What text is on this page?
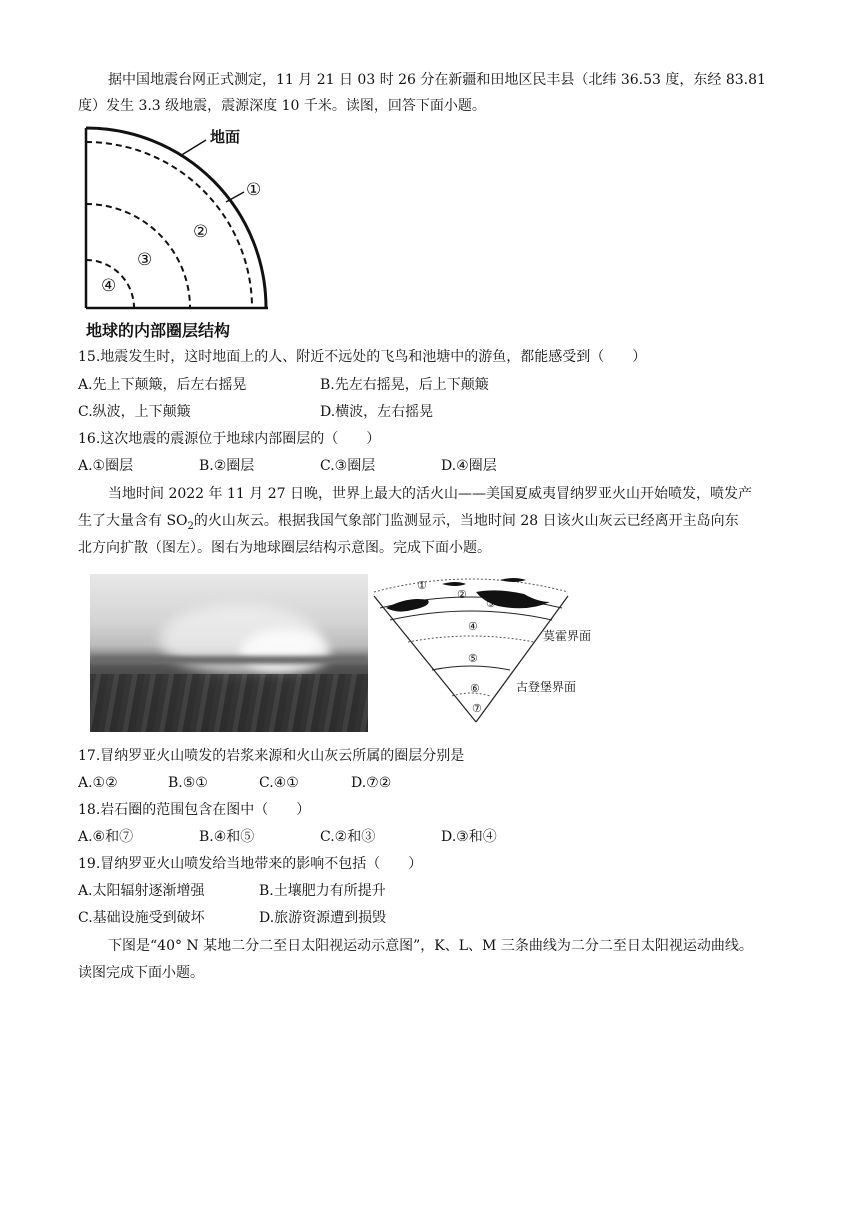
据中国地震台网正式测定，11 月 21 日 03 时 26 分在新疆和田地区民丰县（北纬 36.53 度，东经 83.81
度）发生 3.3 级地震，震源深度 10 千米。读图，回答下面小题。
地面
①
②
③
④
地球的内部圈层结构
15.地震发生时，这时地面上的人、附近不远处的飞鸟和池塘中的游鱼，都能感受到（　　）
A.先上下颠簸，后左右摇晃	B.先左右摇晃，后上下颠簸
C.纵波，上下颠簸	D.横波，左右摇晃
16.这次地震的震源位于地球内部圈层的（　　）
A.①圈层	B.②圈层	C.③圈层	D.④圈层
当地时间 2022 年 11 月 27 日晚，世界上最大的活火山——美国夏威夷冒纳罗亚火山开始喷发，喷发产
生了大量含有 $SO_2$的火山灰云。根据我国气象部门监测显示，当地时间 28 日该火山灰云已经离开主岛向东
北方向扩散（图左）。图右为地球圈层结构示意图。完成下面小题。
①
②
③
④
⑤
⑥
⑦
莫霍界面
古登堡界面
17.冒纳罗亚火山喷发的岩浆来源和火山灰云所属的圈层分别是
A.①②	B.⑤①	C.④①	D.⑦②
18.岩石圈的范围包含在图中（　　）
A.⑥和⑦	B.④和⑤	C.②和③	D.③和④
19.冒纳罗亚火山喷发给当地带来的影响不包括（　　）
A.太阳辐射逐渐增强	B.土壤肥力有所提升
C.基础设施受到破坏	D.旅游资源遭到损毁
下图是“40° N 某地二分二至日太阳视运动示意图”，K、L、M 三条曲线为二分二至日太阳视运动曲线。
读图完成下面小题。
